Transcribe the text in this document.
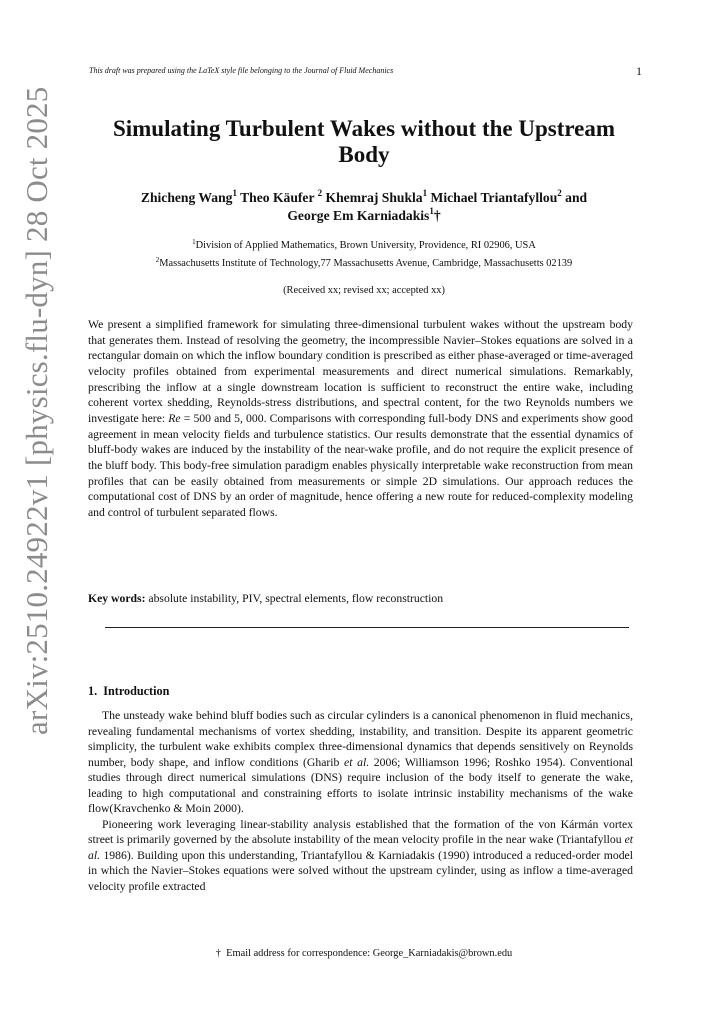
This draft was prepared using the LaTeX style file belonging to the Journal of Fluid Mechanics	1
arXiv:2510.24922v1 [physics.flu-dyn] 28 Oct 2025	Simulating Turbulent Wakes without the Upstream Body
Zhicheng Wang$^1$ Theo Käufer $^2$ Khemraj Shukla$^1$ Michael Triantafyllou$^2$ and
George Em Karniadakis$^1$†
$^1$Division of Applied Mathematics, Brown University, Providence, RI 02906, USA
$^2$Massachusetts Institute of Technology,77 Massachusetts Avenue, Cambridge, Massachusetts 02139
(Received xx; revised xx; accepted xx)

We present a simplified framework for simulating three-dimensional turbulent wakes without the upstream body that generates them. Instead of resolving the geometry, the incompressible Navier–Stokes equations are solved in a rectangular domain on which the inflow boundary condition is prescribed as either phase-averaged or time-averaged velocity profiles obtained from experimental measurements and direct numerical simulations. Remarkably, prescribing the inflow at a single downstream location is sufficient to reconstruct the entire wake, including coherent vortex shedding, Reynolds-stress distributions, and spectral content, for the two Reynolds numbers we investigate here: Re = 500 and 5, 000. Comparisons with corresponding full-body DNS and experiments show good agreement in mean velocity fields and turbulence statistics. Our results demonstrate that the essential dynamics of bluff-body wakes are induced by the instability of the near-wake profile, and do not require the explicit presence of the bluff body. This body-free simulation paradigm enables physically interpretable wake reconstruction from mean profiles that can be easily obtained from measurements or simple 2D simulations. Our approach reduces the computational cost of DNS by an order of magnitude, hence offering a new route for reduced-complexity modeling and control of turbulent separated flows.

Key words: absolute instability, PIV, spectral elements, flow reconstruction
1. Introduction

The unsteady wake behind bluff bodies such as circular cylinders is a canonical phenomenon in fluid mechanics, revealing fundamental mechanisms of vortex shedding, instability, and transition. Despite its apparent geometric simplicity, the turbulent wake exhibits complex three-dimensional dynamics that depends sensitively on Reynolds number, body shape, and inflow conditions (Gharib et al. 2006; Williamson 1996; Roshko 1954). Conventional studies through direct numerical simulations (DNS) require inclusion of the body itself to generate the wake, leading to high computational and constraining efforts to isolate intrinsic instability mechanisms of the wake flow(Kravchenko & Moin 2000).

Pioneering work leveraging linear-stability analysis established that the formation of the von Kármán vortex street is primarily governed by the absolute instability of the mean velocity profile in the near wake (Triantafyllou et al. 1986). Building upon this understanding, Triantafyllou & Karniadakis (1990) introduced a reduced-order model in which the Navier–Stokes equations were solved without the upstream cylinder, using as inflow a time-averaged velocity profile extracted

† Email address for correspondence: George_Karniadakis@brown.edu
